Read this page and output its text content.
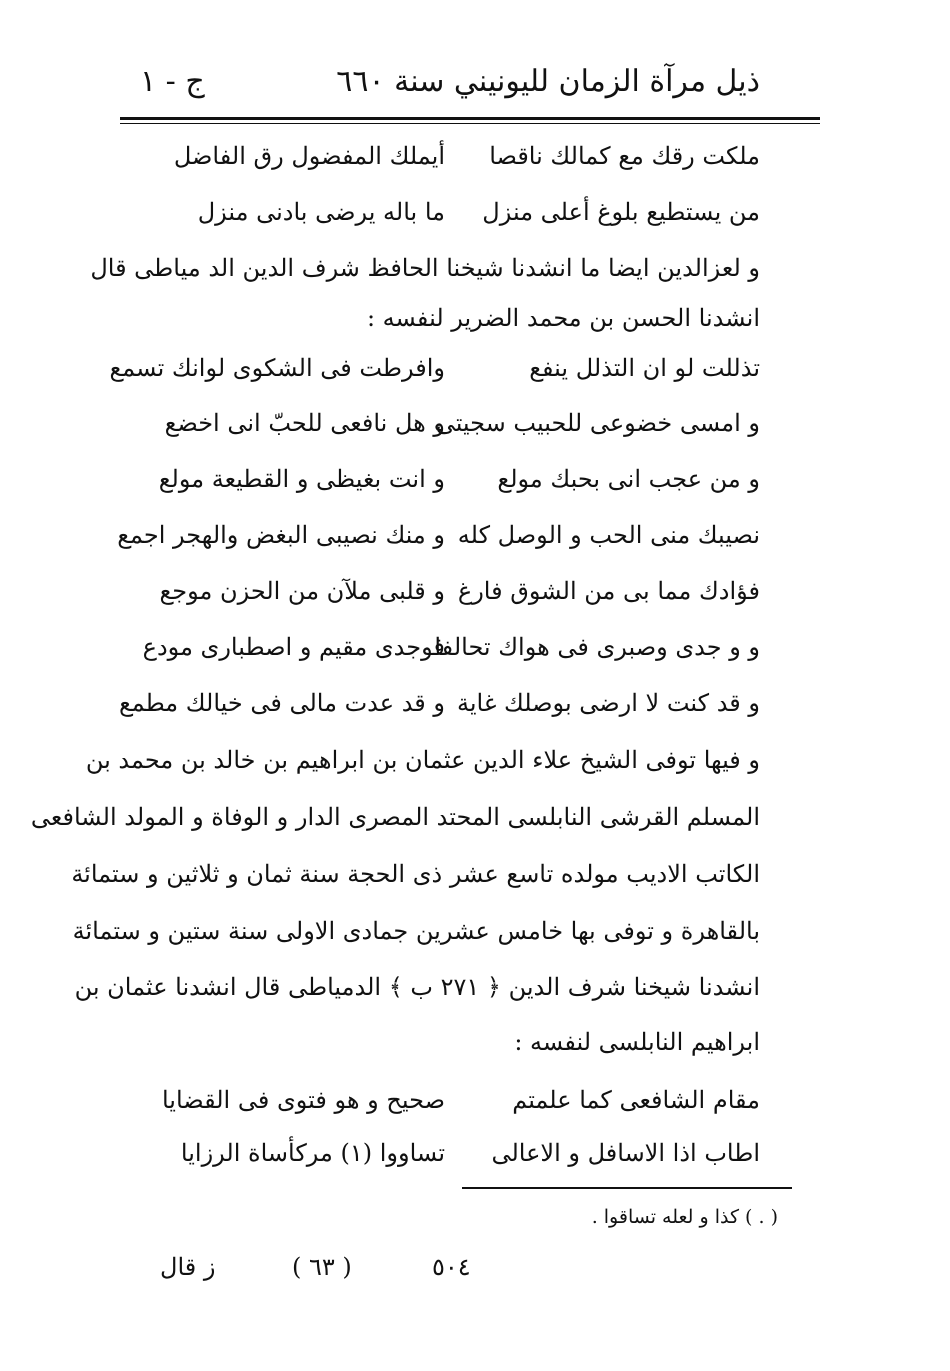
ذيل مرآة الزمان لليونيني سنة ٦٦٠
ج - ١
ملكت رقك مع كمالك ناقصا
أيملك المفضول رق الفاضل
من يستطيع بلوغ أعلى منزل
ما باله يرضى بادنى منزل
و لعزالدين ايضا ما انشدنا شيخنا الحافظ شرف الدين الد مياطى قال
انشدنا الحسن بن محمد الضرير لنفسه :
تذللت لو ان التذلل ينفع
وافرطت فى الشكوى لوانك تسمع
و امسى خضوعى للحبيب سجيتى
و هل نافعى للحبّ انى اخضع
و من عجب انى بحبك مولع
و انت بغيظى و القطيعة مولع
نصيبك منى الحب و الوصل كله
و منك نصيبى البغض والهجر اجمع
فؤادك مما بى من الشوق فارغ
و قلبى ملآن من الحزن موجع
و و جدى وصبرى فى هواك تحالفا
فوجدى مقيم و اصطبارى مودع
و قد كنت لا ارضى بوصلك غاية
و قد عدت مالى فى خيالك مطمع
و فيها توفى الشيخ علاء الدين عثمان بن ابراهيم بن خالد بن محمد بن
المسلم القرشى النابلسى المحتد المصرى الدار و الوفاة و المولد الشافعى
الكاتب الاديب مولده تاسع عشر ذى الحجة سنة ثمان و ثلاثين و ستمائة
بالقاهرة و توفى بها خامس عشرين جمادى الاولى سنة ستين و ستمائة
انشدنا شيخنا شرف الدين ﴿ ٢٧١ ب ﴾ الدمياطى قال انشدنا عثمان بن
ابراهيم النابلسى لنفسه :
مقام الشافعى كما علمتم
صحيح و هو فتوى فى القضايا
اطاب اذا الاسافل و الاعالى
تساووا (١) مركأساة الرزايا
( . ) كذا و لعله تساقوا .
٥٠٤
( ٦٣ )
ز قال
